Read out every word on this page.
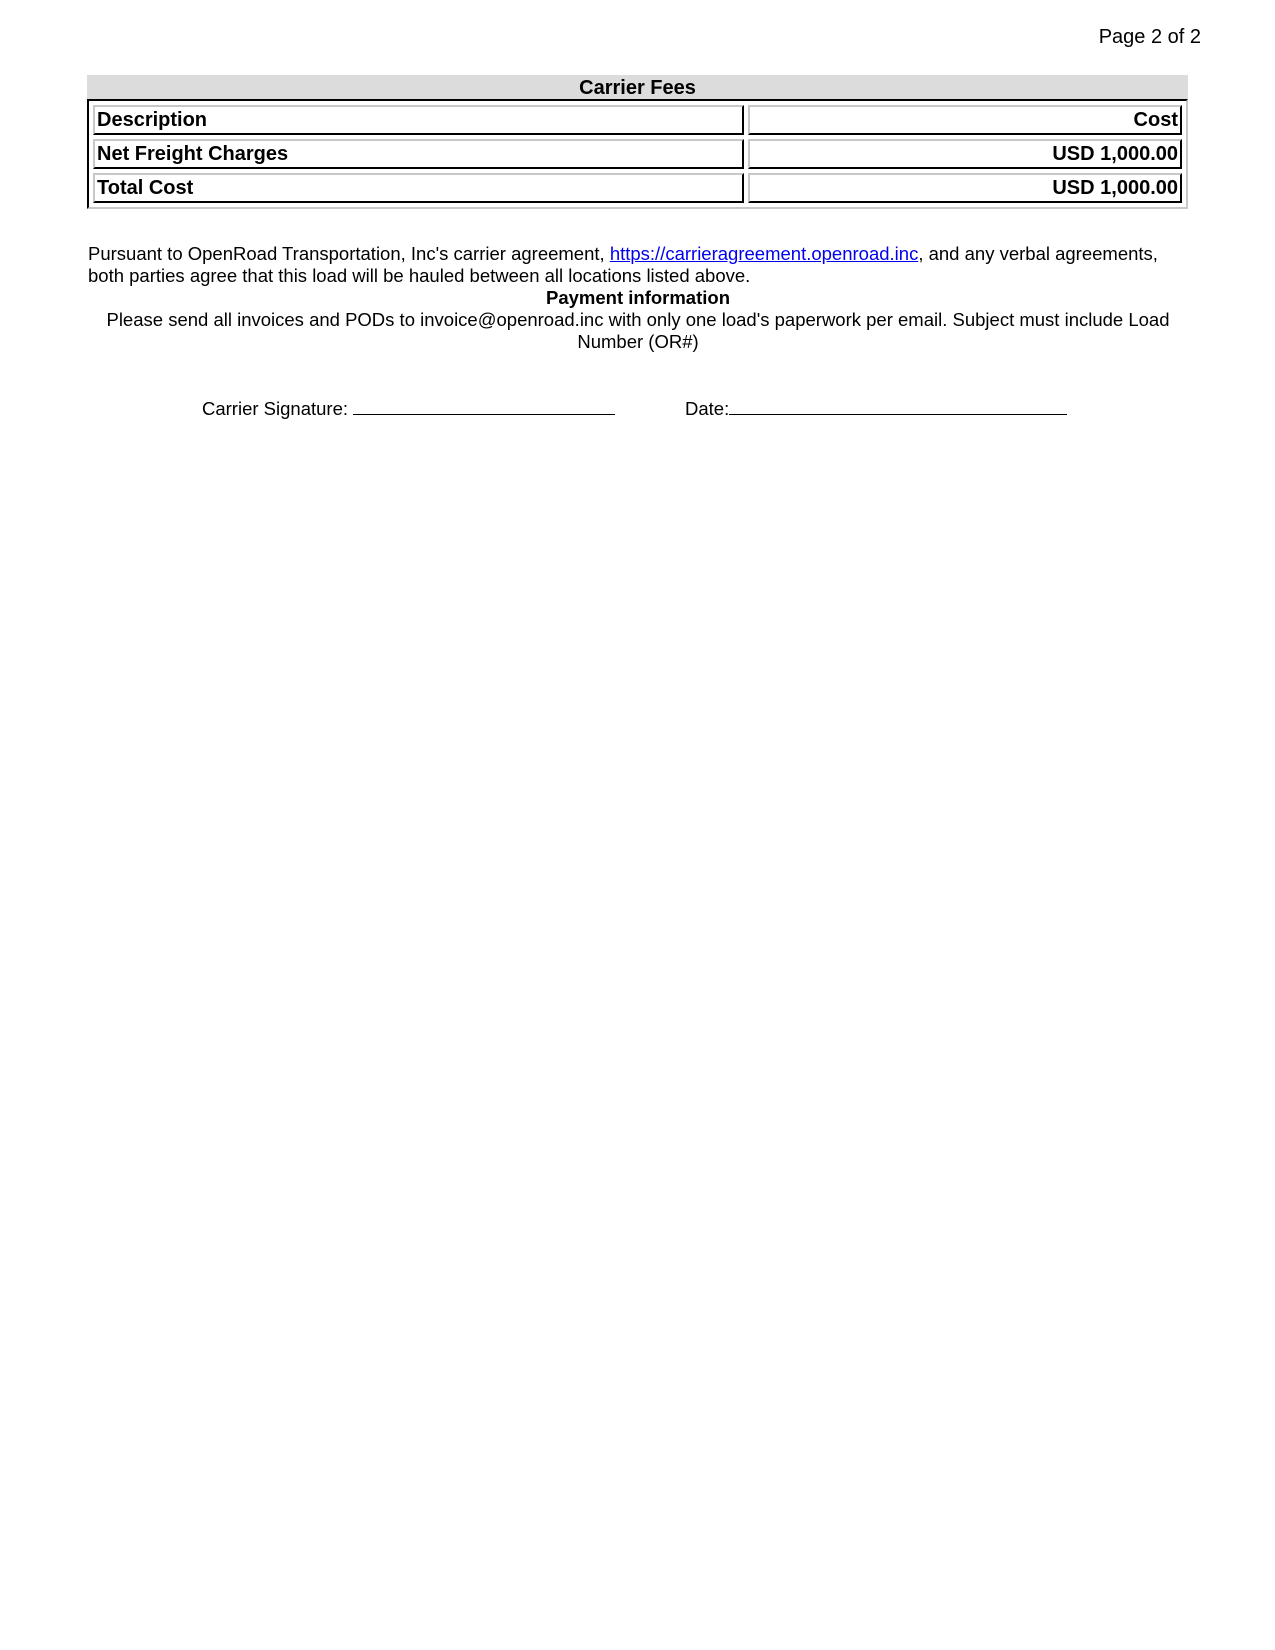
Page 2 of 2
Carrier Fees
Description	Cost
Net Freight Charges	USD 1,000.00
Total Cost	USD 1,000.00
Pursuant to OpenRoad Transportation, Inc's carrier agreement, https://carrieragreement.openroad.inc, and any verbal agreements, both parties agree that this load will be hauled between all locations listed above.
Payment information
Please send all invoices and PODs to invoice@openroad.inc with only one load's paperwork per email. Subject must include Load Number (OR#)
Carrier Signature:	Date:
